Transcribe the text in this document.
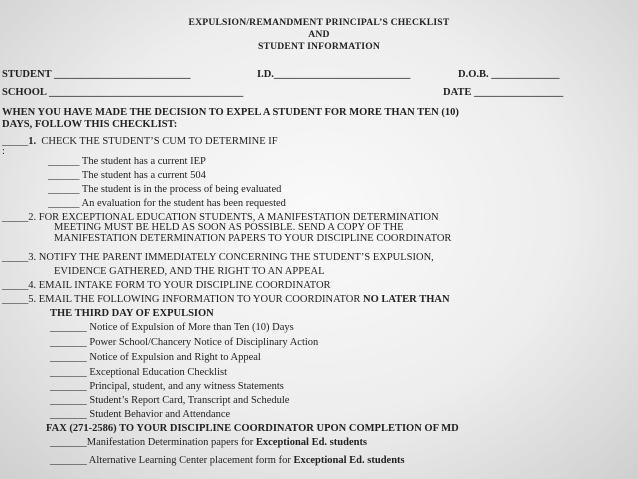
EXPULSION/REMANDMENT PRINCIPAL’S CHECKLIST
AND
STUDENT INFORMATION
STUDENT __________________________	I.D.__________________________	D.O.B. _____________
SCHOOL _____________________________________	DATE _________________
WHEN YOU HAVE MADE THE DECISION TO EXPEL A STUDENT FOR MORE THAN TEN (10)
DAYS, FOLLOW THIS CHECKLIST:
_____1. CHECK THE STUDENT’S CUM TO DETERMINE IF
:
______ The student has a current IEP
______ The student has a current 504
______ The student is in the process of being evaluated
______ An evaluation for the student has been requested
_____2. FOR EXCEPTIONAL EDUCATION STUDENTS, A MANIFESTATION DETERMINATION
MEETING MUST BE HELD AS SOON AS POSSIBLE. SEND A COPY OF THE
MANIFESTATION DETERMINATION PAPERS TO YOUR DISCIPLINE COORDINATOR
_____3. NOTIFY THE PARENT IMMEDIATELY CONCERNING THE STUDENT’S EXPULSION,
EVIDENCE GATHERED, AND THE RIGHT TO AN APPEAL
_____4. EMAIL INTAKE FORM TO YOUR DISCIPLINE COORDINATOR
_____5. EMAIL THE FOLLOWING INFORMATION TO YOUR COORDINATOR NO LATER THAN
THE THIRD DAY OF EXPULSION
_______ Notice of Expulsion of More than Ten (10) Days
_______ Power School/Chancery Notice of Disciplinary Action
_______ Notice of Expulsion and Right to Appeal
_______ Exceptional Education Checklist
_______ Principal, student, and any witness Statements
_______ Student’s Report Card, Transcript and Schedule
_______ Student Behavior and Attendance
FAX (271-2586) TO YOUR DISCIPLINE COORDINATOR UPON COMPLETION OF MD
_______Manifestation Determination papers for Exceptional Ed. students
_______ Alternative Learning Center placement form for Exceptional Ed. students
